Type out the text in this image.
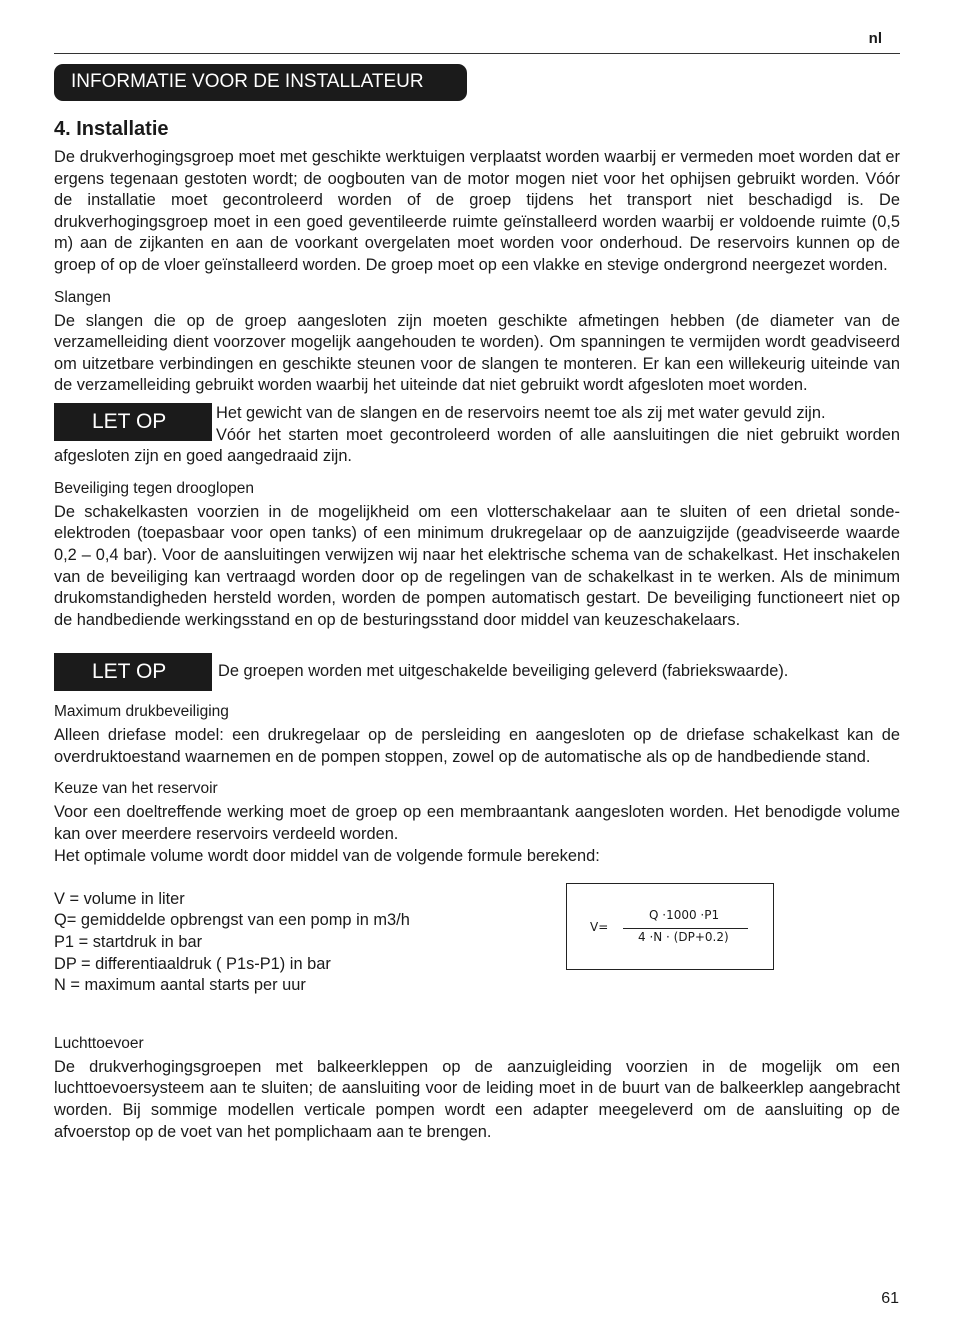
nl
INFORMATIE VOOR DE INSTALLATEUR
4. Installatie

De drukverhogingsgroep moet met geschikte werktuigen verplaatst worden waarbij er vermeden moet worden dat er ergens tegenaan gestoten wordt; de oogbouten van de motor mogen niet voor het ophijsen gebruikt worden. Vóór de installatie moet gecontroleerd worden of de groep tijdens het transport niet beschadigd is. De drukverhogingsgroep moet in een goed geventileerde ruimte geïnstalleerd worden waarbij er voldoende ruimte (0,5 m) aan de zijkanten en aan de voorkant overgelaten moet worden voor onderhoud. De reservoirs kunnen op de groep of op de vloer geïnstalleerd worden. De groep moet op een vlakke en stevige ondergrond neergezet worden.

Slangen

De slangen die op de groep aangesloten zijn moeten geschikte afmetingen hebben (de diameter van de verzamelleiding dient voorzover mogelijk aangehouden te worden). Om spanningen te vermijden wordt geadviseerd om uitzetbare verbindingen en geschikte steunen voor de slangen te monteren. Er kan een willekeurig uiteinde van de verzamelleiding gebruikt worden waarbij het uiteinde dat niet gebruikt wordt afgesloten moet worden.

LET OP	Het gewicht van de slangen en de reservoirs neemt toe als zij met water gevuld zijn.

Vóór het starten moet gecontroleerd worden of alle aansluitingen die niet gebruikt worden afgesloten zijn en goed aangedraaid zijn.

Beveiliging tegen drooglopen

De schakelkasten voorzien in de mogelijkheid om een vlotterschakelaar aan te sluiten of een drietal sonde-elektroden (toepasbaar voor open tanks) of een minimum drukregelaar op de aanzuigzijde (geadviseerde waarde 0,2 – 0,4 bar). Voor de aansluitingen verwijzen wij naar het elektrische schema van de schakelkast. Het inschakelen van de beveiliging kan vertraagd worden door op de regelingen van de schakelkast in te werken. Als de minimum drukomstandigheden hersteld worden, worden de pompen automatisch gestart. De beveiliging functioneert niet op de handbediende werkingsstand en op de besturingsstand door middel van keuzeschakelaars.

LET OP	De groepen worden met uitgeschakelde beveiliging geleverd (fabriekswaarde).

Maximum drukbeveiliging

Alleen driefase model: een drukregelaar op de persleiding en aangesloten op de driefase schakelkast kan de overdruktoestand waarnemen en de pompen stoppen, zowel op de automatische als op de handbediende stand.

Keuze van het reservoir

Voor een doeltreffende werking moet de groep op een membraantank aangesloten worden. Het benodigde volume kan over meerdere reservoirs verdeeld worden.

Het optimale volume wordt door middel van de volgende formule berekend:

V = volume in liter

Q= gemiddelde opbrengst van een pomp in m3/h

P1 = startdruk in bar

DP = differentiaaldruk ( P1s-P1) in bar

N = maximum aantal starts per uur

V=
Q ·1000 ·P1
4 ·N · (DP+0.2)
Luchttoevoer

De drukverhogingsgroepen met balkeerkleppen op de aanzuigleiding voorzien in de mogelijk om een luchttoevoersysteem aan te sluiten; de aansluiting voor de leiding moet in de buurt van de balkeerklep aangebracht worden. Bij sommige modellen verticale pompen wordt een adapter meegeleverd om de aansluiting op de afvoerstop op de voet van het pomplichaam aan te brengen.

61
